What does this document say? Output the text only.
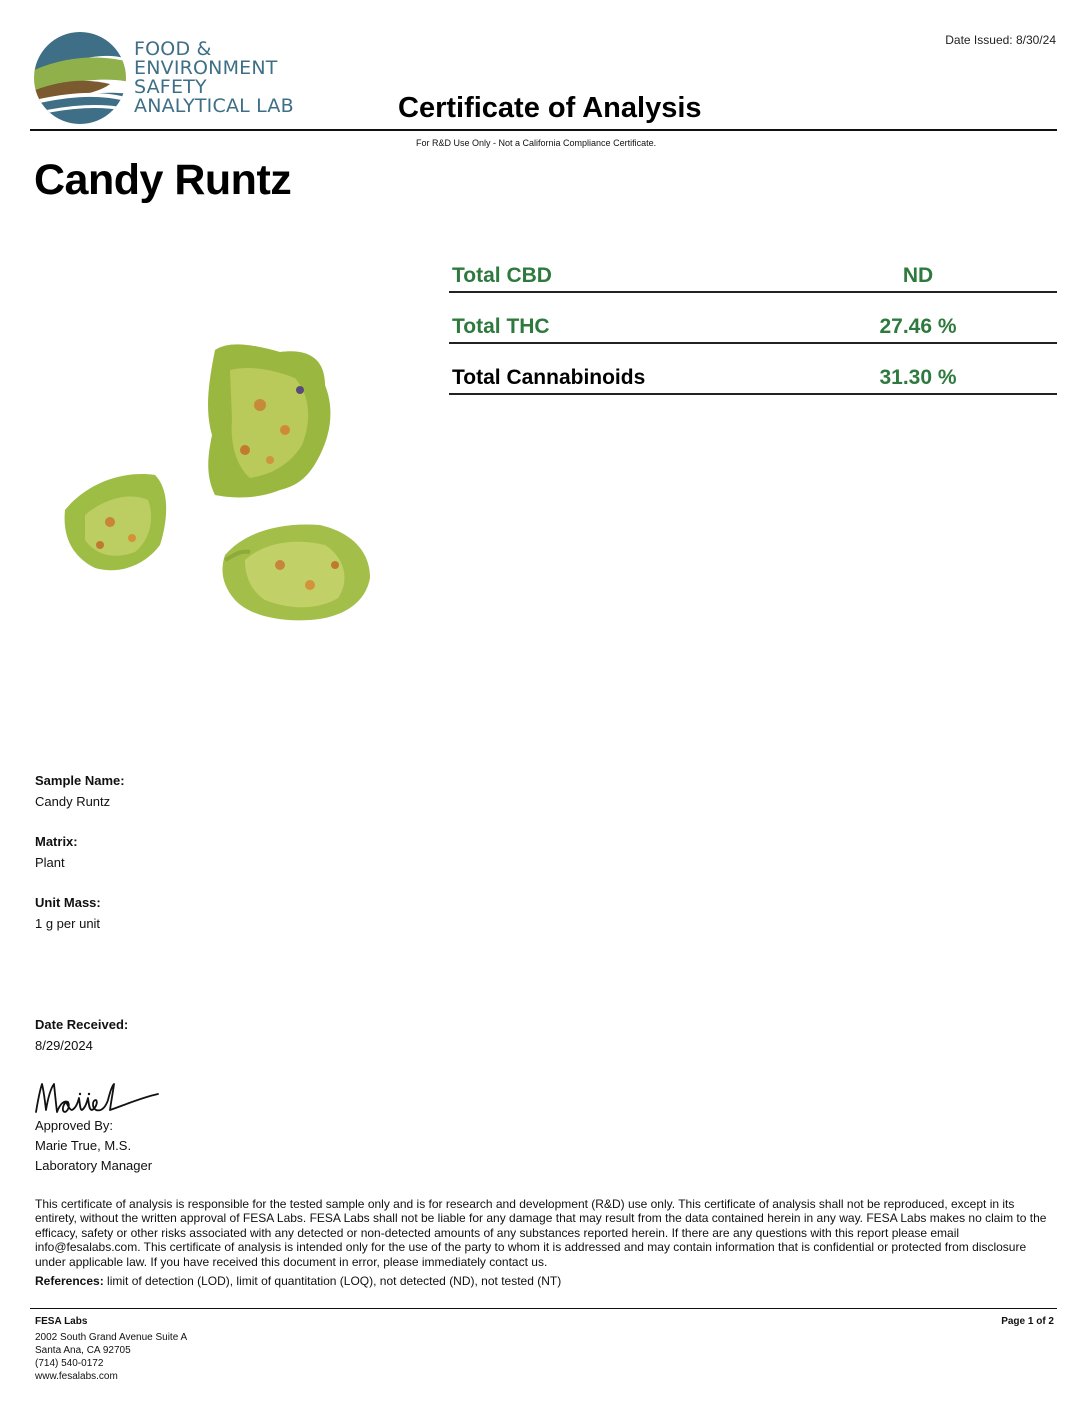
FOOD &
ENVIRONMENT
SAFETY
ANALYTICAL LAB
Date Issued: 8/30/24
Certificate of Analysis
For R&D Use Only - Not a California Compliance Certificate.
Candy Runtz
Total CBD	ND
Total THC	27.46 %
Total Cannabinoids	31.30 %
Sample Name:
Candy Runtz
Matrix:
Plant
Unit Mass:
1 g per unit
Date Received:
8/29/2024
Approved By:
Marie True, M.S.
Laboratory Manager
This certificate of analysis is responsible for the tested sample only and is for research and development (R&D) use only. This certificate of analysis shall not be reproduced, except in its entirety, without the written approval of FESA Labs. FESA Labs shall not be liable for any damage that may result from the data contained herein in any way. FESA Labs makes no claim to the efficacy, safety or other risks associated with any detected or non-detected amounts of any substances reported herein. If there are any questions with this report please email info@fesalabs.com. This certificate of analysis is intended only for the use of the party to whom it is addressed and may contain information that is confidential or protected from disclosure under applicable law. If you have received this document in error, please immediately contact us.
References: limit of detection (LOD), limit of quantitation (LOQ), not detected (ND), not tested (NT)
FESA Labs
2002 South Grand Avenue Suite A
Santa Ana, CA 92705
(714) 540-0172
www.fesalabs.com
Page 1 of 2
